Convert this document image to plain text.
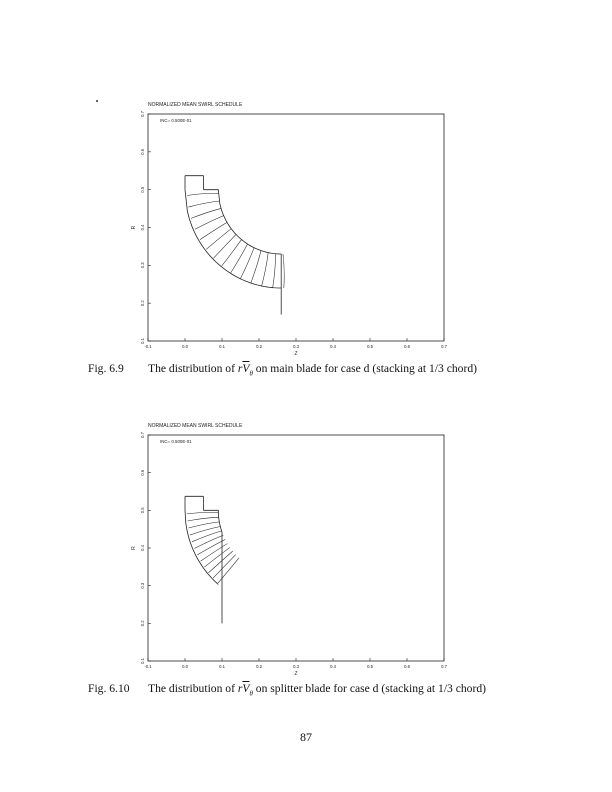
NORMALIZED MEAN SWIRL SCHEDULE
INC= 0.500E-01
-0.1	0.0	0.1	0.2	0.3	0.4	0.5	0.6	0.7
0.1
0.2
0.3
0.4
0.5
0.6
0.7
Z
R
Fig. 6.9 The distribution of $r\overline{V}_\theta$ on main blade for case d (stacking at 1/3 chord)
NORMALIZED MEAN SWIRL SCHEDULE
INC= 0.500E-01
-0.1	0.0	0.1	0.2	0.3	0.4	0.5	0.6	0.7
0.1
0.2
0.3
0.4
0.5
0.6
0.7
Z
R
Fig. 6.10 The distribution of $r\overline{V}_\theta$ on splitter blade for case d (stacking at 1/3 chord)
87
